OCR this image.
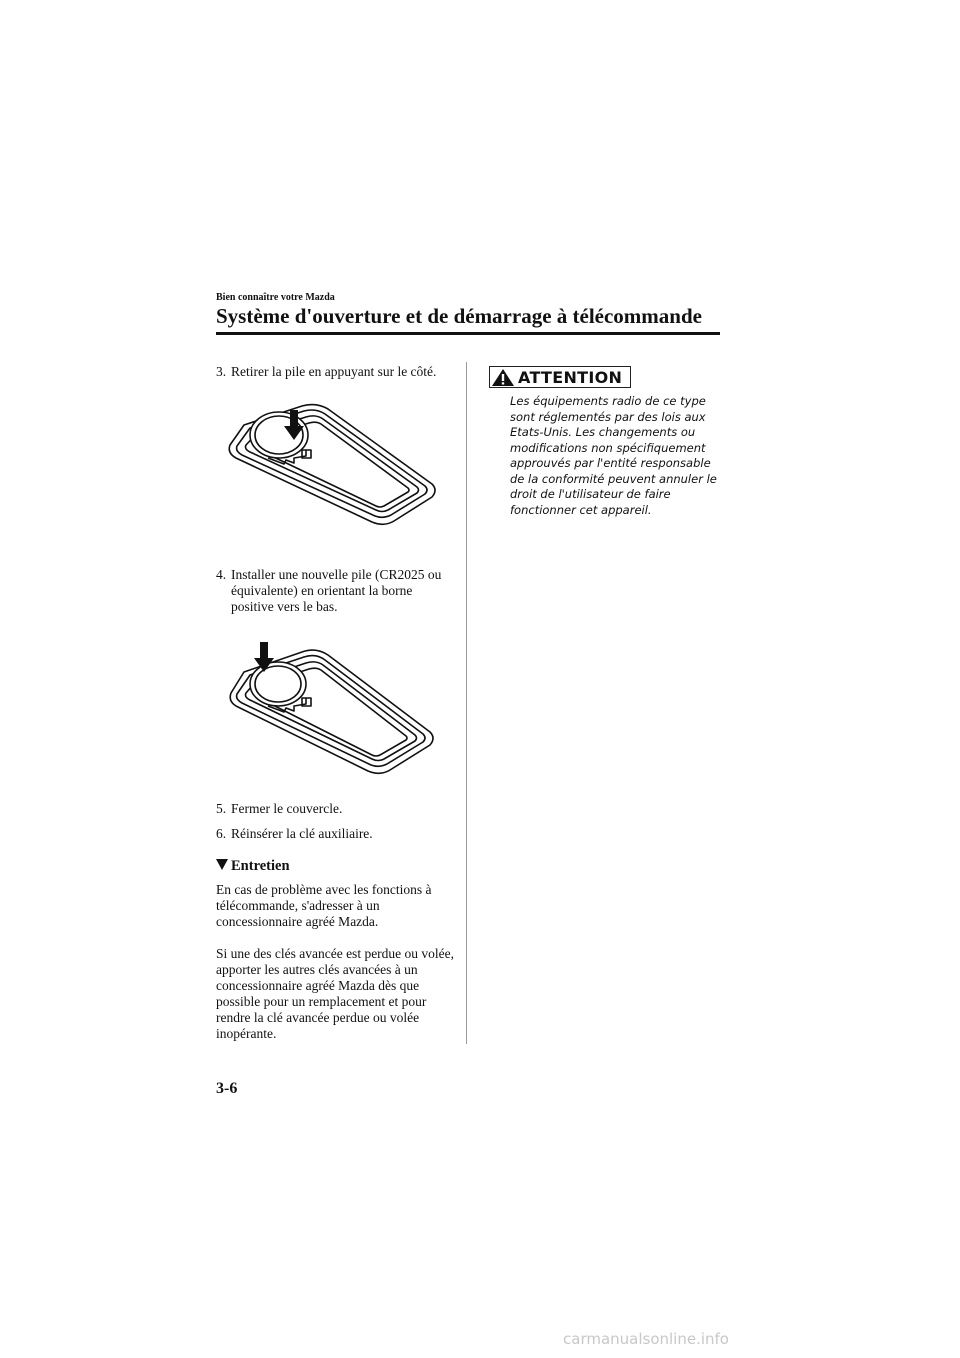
Bien connaître votre Mazda
Système d'ouverture et de démarrage à télécommande
3. Retirer la pile en appuyant sur le côté.
4. Installer une nouvelle pile (CR2025 ou équivalente) en orientant la borne positive vers le bas.
5. Fermer le couvercle.
6. Réinsérer la clé auxiliaire.
Entretien
En cas de problème avec les fonctions à télécommande, s'adresser à un concessionnaire agréé Mazda.
Si une des clés avancée est perdue ou volée, apporter les autres clés avancées à un concessionnaire agréé Mazda dès que possible pour un remplacement et pour rendre la clé avancée perdue ou volée inopérante.
ATTENTION
Les équipements radio de ce type sont réglementés par des lois aux Etats-Unis. Les changements ou modifications non spécifiquement approuvés par l'entité responsable de la conformité peuvent annuler le droit de l'utilisateur de faire fonctionner cet appareil.
3-6
carmanualsonline.info
